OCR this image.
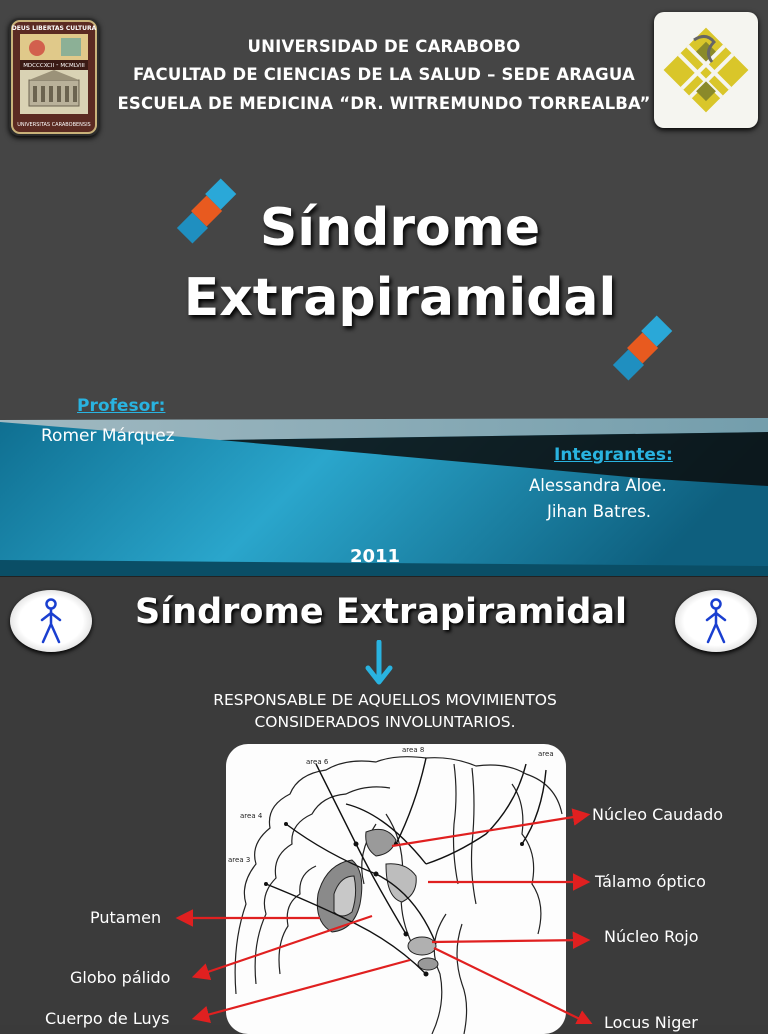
DEUS LIBERTAS CULTURA
MDCCCXCII ⁃ MCMLVIII
UNIVERSITAS CARABOBENSIS
UNIVERSIDAD DE CARABOBO
FACULTAD DE CIENCIAS DE LA SALUD – SEDE ARAGUA
ESCUELA DE MEDICINA “DR. WITREMUNDO TORREALBA”
Síndrome
Extrapiramidal
Profesor:
Romer Márquez
Integrantes:
Alessandra Aloe.
Jihan Batres.
2011
Síndrome Extrapiramidal
RESPONSABLE DE AQUELLOS MOVIMIENTOS
CONSIDERADOS INVOLUNTARIOS.
area 8
area 6
area 4
area 3
area
Núcleo Caudado
Tálamo óptico
Núcleo Rojo
Locus Niger
Putamen
Globo pálido
Cuerpo de Luys
